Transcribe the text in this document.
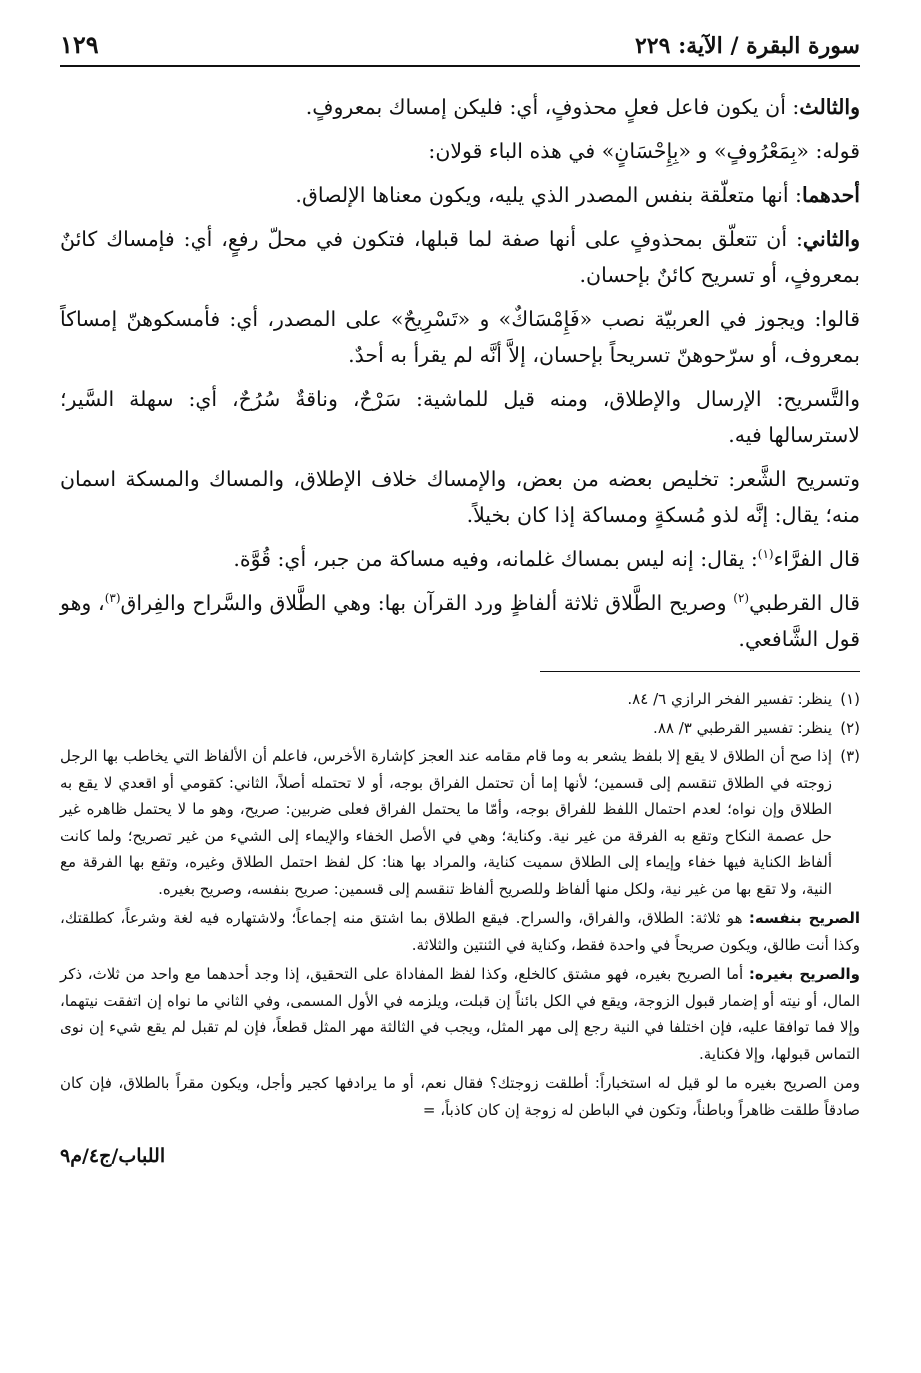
سورة البقرة / الآية: ٢٢٩
١٢٩

والثالث: أن يكون فاعل فعلٍ محذوفٍ، أي: فليكن إمساك بمعروفٍ.

قوله: «بِمَعْرُوفٍ» و «بِإِحْسَانٍ» في هذه الباء قولان:

أحدهما: أنها متعلّقة بنفس المصدر الذي يليه، ويكون معناها الإلصاق.

والثاني: أن تتعلّق بمحذوفٍ على أنها صفة لما قبلها، فتكون في محلّ رفعٍ، أي: فإمساك كائنٌ بمعروفٍ، أو تسريح كائنٌ بإحسان.

قالوا: ويجوز في العربيّة نصب «فَإِمْسَاكٌ» و «تَسْرِيحٌ» على المصدر، أي: فأمسكوهنّ إمساكاً بمعروف، أو سرّحوهنّ تسريحاً بإحسان، إلاَّ أنَّه لم يقرأ به أحدٌ.

والتَّسريح: الإرسال والإطلاق، ومنه قيل للماشية: سَرْحٌ، وناقةٌ سُرُحٌ، أي: سهلة السَّير؛ لاسترسالها فيه.

وتسريح الشَّعر: تخليص بعضه من بعض، والإمساك خلاف الإطلاق، والمساك والمسكة اسمان منه؛ يقال: إنَّه لذو مُسكةٍ ومساكة إذا كان بخيلاً.

قال الفرَّاء$^{(١)}$: يقال: إنه ليس بمساك غلمانه، وفيه مساكة من جبر، أي: قُوَّة.

قال القرطبي$^{(٢)}$ وصريح الطَّلاق ثلاثة ألفاظٍ ورد القرآن بها: وهي الطَّلاق والسَّراح والفِراق$^{(٣)}$، وهو قول الشَّافعي.

(١)ينظر: تفسير الفخر الرازي ٦/ ٨٤.

(٢)ينظر: تفسير القرطبي ٣/ ٨٨.

(٣)إذا صح أن الطلاق لا يقع إلا بلفظ يشعر به وما قام مقامه عند العجز كإشارة الأخرس، فاعلم أن الألفاظ التي يخاطب بها الرجل زوجته في الطلاق تنقسم إلى قسمين؛ لأنها إما أن تحتمل الفراق بوجه، أو لا تحتمله أصلاً، الثاني: كقومي أو اقعدي لا يقع به الطلاق وإن نواه؛ لعدم احتمال اللفظ للفراق بوجه، وأمّا ما يحتمل الفراق فعلى ضربين: صريح، وهو ما لا يحتمل ظاهره غير حل عصمة النكاح وتقع به الفرقة من غير نية. وكناية؛ وهي في الأصل الخفاء والإيماء إلى الشيء من غير تصريح؛ ولما كانت ألفاظ الكناية فيها خفاء وإيماء إلى الطلاق سميت كناية، والمراد بها هنا: كل لفظ احتمل الطلاق وغيره، وتقع بها الفرقة مع النية، ولا تقع بها من غير نية، ولكل منها ألفاظ وللصريح ألفاظ تنقسم إلى قسمين: صريح بنفسه، وصريح بغيره.

الصريح بنفسه: هو ثلاثة: الطلاق، والفراق، والسراح. فيقع الطلاق بما اشتق منه إجماعاً؛ ولاشتهاره فيه لغة وشرعاً، كطلقتك، وكذا أنت طالق، ويكون صريحاً في واحدة فقط، وكناية في الثنتين والثلاثة.

والصريح بغيره: أما الصريح بغيره، فهو مشتق كالخلع، وكذا لفظ المفاداة على التحقيق، إذا وجد أحدهما مع واحد من ثلاث، ذكر المال، أو نيته أو إضمار قبول الزوجة، ويقع في الكل بائناً إن قبلت، ويلزمه في الأول المسمى، وفي الثاني ما نواه إن اتفقت نيتهما، وإلا فما توافقا عليه، فإن اختلفا في النية رجع إلى مهر المثل، ويجب في الثالثة مهر المثل قطعاً، فإن لم تقبل لم يقع شيء إن نوى التماس قبولها، وإلا فكناية.

ومن الصريح بغيره ما لو قيل له استخباراً: أطلقت زوجتك؟ فقال نعم، أو ما يرادفها كجير وأجل، ويكون مقراً بالطلاق، فإن كان صادقاً طلقت ظاهراً وباطناً، وتكون في الباطن له زوجة إن كان كاذباً، =

اللباب/ج٤/م٩
